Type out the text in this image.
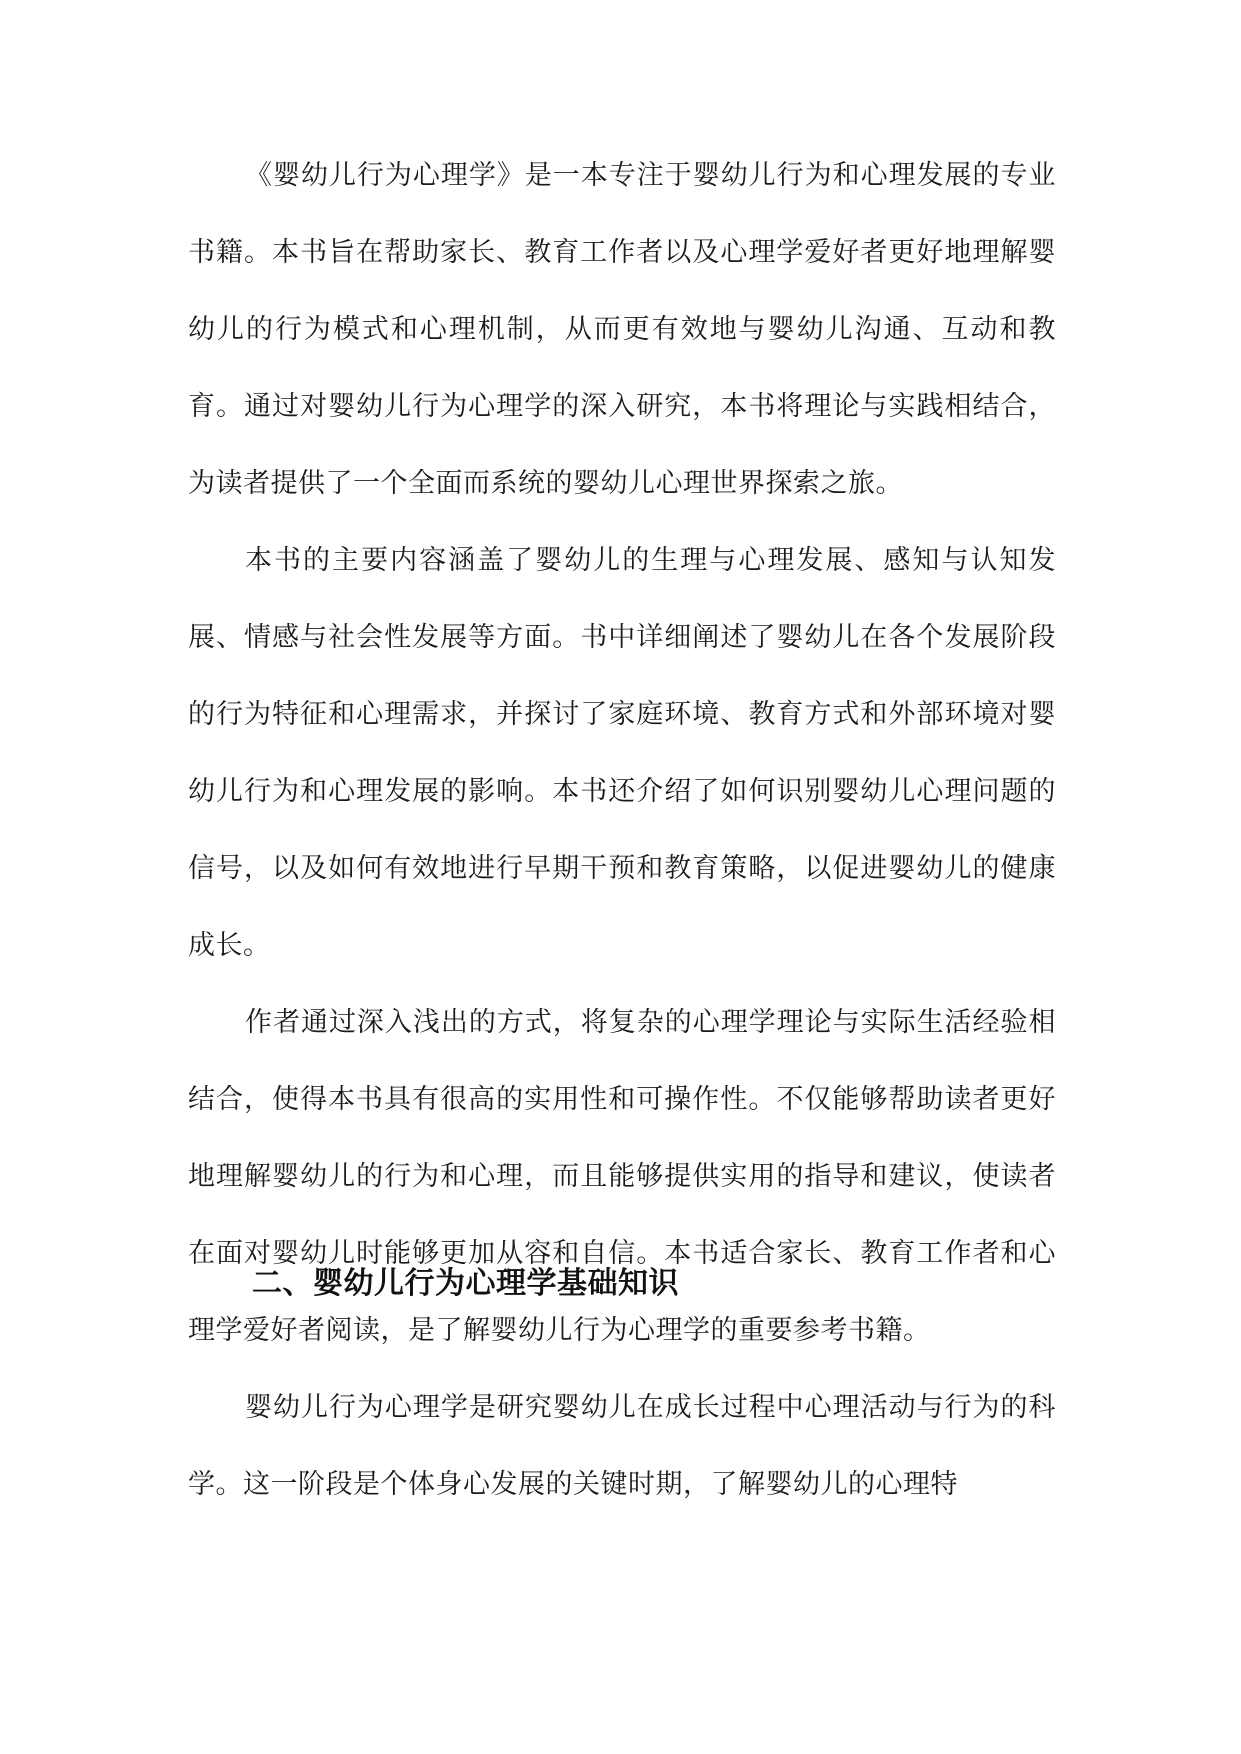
《婴幼儿行为心理学》是一本专注于婴幼儿行为和心理发展的专业书籍。本书旨在帮助家长、教育工作者以及心理学爱好者更好地理解婴幼儿的行为模式和心理机制，从而更有效地与婴幼儿沟通、互动和教育。通过对婴幼儿行为心理学的深入研究，本书将理论与实践相结合，为读者提供了一个全面而系统的婴幼儿心理世界探索之旅。

本书的主要内容涵盖了婴幼儿的生理与心理发展、感知与认知发展、情感与社会性发展等方面。书中详细阐述了婴幼儿在各个发展阶段的行为特征和心理需求，并探讨了家庭环境、教育方式和外部环境对婴幼儿行为和心理发展的影响。本书还介绍了如何识别婴幼儿心理问题的信号，以及如何有效地进行早期干预和教育策略，以促进婴幼儿的健康成长。

作者通过深入浅出的方式，将复杂的心理学理论与实际生活经验相结合，使得本书具有很高的实用性和可操作性。不仅能够帮助读者更好地理解婴幼儿的行为和心理，而且能够提供实用的指导和建议，使读者在面对婴幼儿时能够更加从容和自信。本书适合家长、教育工作者和心理学爱好者阅读，是了解婴幼儿行为心理学的重要参考书籍。

二、婴幼儿行为心理学基础知识

婴幼儿行为心理学是研究婴幼儿在成长过程中心理活动与行为的科学。这一阶段是个体身心发展的关键时期，了解婴幼儿的心理特
